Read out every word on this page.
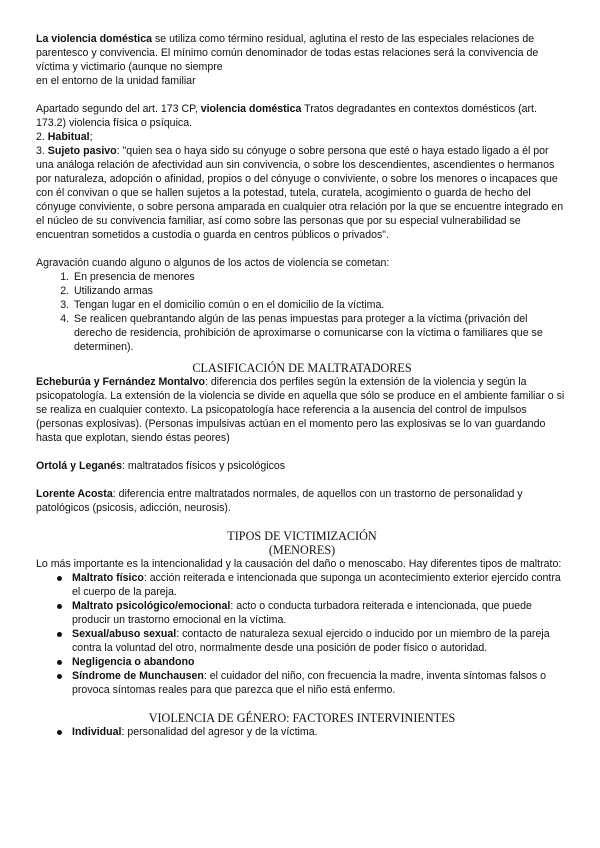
La violencia doméstica se utiliza como término residual, aglutina el resto de las especiales relaciones de parentesco y convivencia. El mínimo común denominador de todas estas relaciones será la convivencia de víctima y victimario (aunque no siempre
en el entorno de la unidad familiar

Apartado segundo del art. 173 CP, violencia doméstica Tratos degradantes en contextos domésticos (art. 173.2) violencia física o psíquica.

2. Habitual;

3. Sujeto pasivo: "quien sea o haya sido su cónyuge o sobre persona que esté o haya estado ligado a él por una análoga relación de afectividad aun sin convivencia, o sobre los descendientes, ascendientes o hermanos por naturaleza, adopción o afinidad, propios o del cónyuge o conviviente, o sobre los menores o incapaces que con él convivan o que se hallen sujetos a la potestad, tutela, curatela, acogimiento o guarda de hecho del cónyuge conviviente, o sobre persona amparada en cualquier otra relación por la que se encuentre integrado en el núcleo de su convivencia familiar, así como sobre las personas que por su especial vulnerabilidad se encuentran sometidos a custodia o guarda en centros públicos o privados".

Agravación cuando alguno o algunos de los actos de violencia se cometan:

1. En presencia de menores
2. Utilizando armas
3. Tengan lugar en el domicilio común o en el domicilio de la víctima.
4. Se realicen quebrantando algún de las penas impuestas para proteger a la víctima (privación del derecho de residencia, prohibición de aproximarse o comunicarse con la víctima o familiares que se determinen).
CLASIFICACIÓN DE MALTRATADORES

Echeburúa y Fernández Montalvo: diferencia dos perfiles según la extensión de la violencia y según la psicopatología. La extensión de la violencia se divide en aquella que sólo se produce en el ambiente familiar o si se realiza en cualquier contexto. La psicopatología hace referencia a la ausencia del control de impulsos (personas explosivas). (Personas impulsivas actúan en el momento pero las explosivas se lo van guardando hasta que explotan, siendo éstas peores)

Ortolá y Leganés: maltratados físicos y psicológicos

Lorente Acosta: diferencia entre maltratados normales, de aquellos con un trastorno de personalidad y patológicos (psicosis, adicción, neurosis).

TIPOS DE VICTIMIZACIÓN
(MENORES)

Lo más importante es la intencionalidad y la causación del daño o menoscabo. Hay diferentes tipos de maltrato:

Maltrato físico: acción reiterada e intencionada que suponga un acontecimiento exterior ejercido contra el cuerpo de la pareja.
Maltrato psicológico/emocional: acto o conducta turbadora reiterada e intencionada, que puede producir un trastorno emocional en la víctima.
Sexual/abuso sexual: contacto de naturaleza sexual ejercido o inducido por un miembro de la pareja contra la voluntad del otro, normalmente desde una posición de poder físico o autoridad.
Negligencia o abandono
Síndrome de Munchausen: el cuidador del niño, con frecuencia la madre, inventa síntomas falsos o provoca síntomas reales para que parezca que el niño está enfermo.
VIOLENCIA DE GÉNERO: FACTORES INTERVINIENTES
Individual: personalidad del agresor y de la víctima.
